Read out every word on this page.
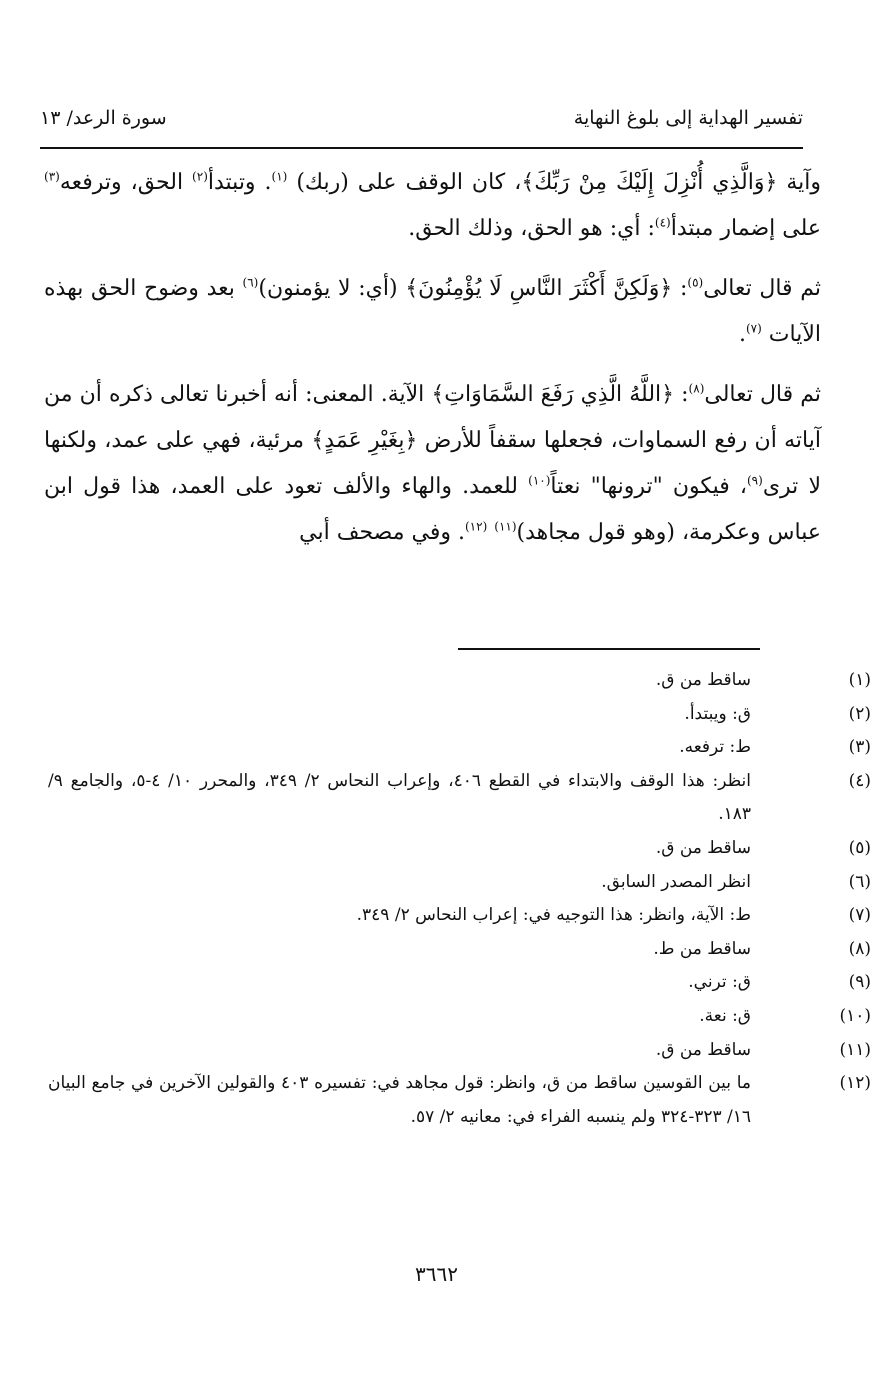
تفسير الهداية إلى بلوغ النهاية
سورة الرعد/ ١٣

وآية ﴿وَالَّذِي أُنْزِلَ إِلَيْكَ مِنْ رَبِّكَ﴾، كان الوقف على (ربك) $^{(١)}$. وتبتدأ$^{(٢)}$ الحق، وترفعه$^{(٣)}$ على إضمار مبتدأ$^{(٤)}$: أي: هو الحق، وذلك الحق.

ثم قال تعالى$^{(٥)}$: ﴿وَلَكِنَّ أَكْثَرَ النَّاسِ لَا يُؤْمِنُونَ﴾ (أي: لا يؤمنون)$^{(٦)}$ بعد وضوح الحق بهذه الآيات $^{(٧)}$.

ثم قال تعالى$^{(٨)}$: ﴿اللَّهُ الَّذِي رَفَعَ السَّمَاوَاتِ﴾ الآية. المعنى: أنه أخبرنا تعالى ذكره أن من آياته أن رفع السماوات، فجعلها سقفاً للأرض ﴿بِغَيْرِ عَمَدٍ﴾ مرئية، فهي على عمد، ولكنها لا ترى$^{(٩)}$، فيكون "ترونها" نعتاً$^{(١٠)}$ للعمد. والهاء والألف تعود على العمد، هذا قول ابن عباس وعكرمة، (وهو قول مجاهد)$^{(١١)}$ $^{(١٢)}$. وفي مصحف أبي

(١)
ساقط من ق.
(٢)
ق: ويبتدأ.
(٣)
ط: ترفعه.
(٤)
انظر: هذا الوقف والابتداء في القطع ٤٠٦، وإعراب النحاس ٢/ ٣٤٩، والمحرر ١٠/ ٤-٥، والجامع ٩/ ١٨٣.
(٥)
ساقط من ق.
(٦)
انظر المصدر السابق.
(٧)
ط: الآية، وانظر: هذا التوجيه في: إعراب النحاس ٢/ ٣٤٩.
(٨)
ساقط من ط.
(٩)
ق: ترني.
(١٠)
ق: نعة.
(١١)
ساقط من ق.
(١٢)
ما بين القوسين ساقط من ق، وانظر: قول مجاهد في: تفسيره ٤٠٣ والقولين الآخرين في جامع البيان ١٦/ ٣٢٣-٣٢٤ ولم ينسبه الفراء في: معانيه ٢/ ٥٧.
٣٦٦٢
